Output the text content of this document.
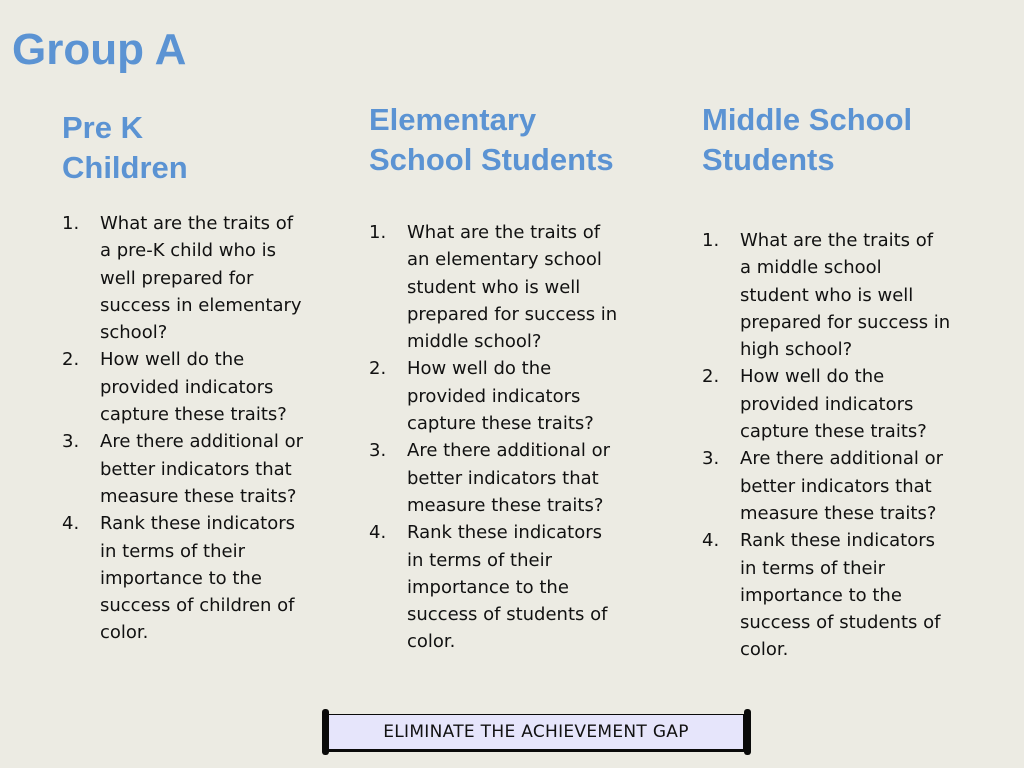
Group A
Pre K
Children
1. What are the traits of
a pre-K child who is
well prepared for
success in elementary
school?
2. How well do the
provided indicators
capture these traits?
3. Are there additional or
better indicators that
measure these traits?
4. Rank these indicators
in terms of their
importance to the
success of children of
color.
Elementary
School Students
1. What are the traits of
an elementary school
student who is well
prepared for success in
middle school?
2. How well do the
provided indicators
capture these traits?
3. Are there additional or
better indicators that
measure these traits?
4. Rank these indicators
in terms of their
importance to the
success of students of
color.
Middle School
Students
1. What are the traits of
a middle school
student who is well
prepared for success in
high school?
2. How well do the
provided indicators
capture these traits?
3. Are there additional or
better indicators that
measure these traits?
4. Rank these indicators
in terms of their
importance to the
success of students of
color.
ELIMINATE THE ACHIEVEMENT GAP
